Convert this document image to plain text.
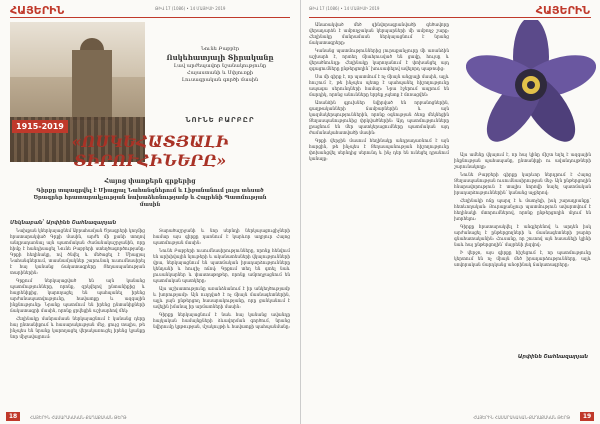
ՀԱՅԵՐԻՆ	ԹԻՎ 17 (1086) • 14 ՄԱՅԻՍԻ 2019
1915-2019
Նունե Բաբբէր
Ոսկեհատյալի Տիրականը
Լավ արժեպավոր նշանակությունը
Հայաստանի և Սփյուռքի
Լուսագրական գործի մասին
ՆՈՒՆԵ ԲԱՐԲԸՐ
«ՈՍԿԵՀԱՏՅԱԼԻ
ՏԻՐՈՒՀԻՆԵՐԸ»
Հայոց փառքերն գրքերից
Գիրքը տպագրվել է Միացյալ Նահանգներում և Լիբանանում լույս տեսած Ծրագրեր հրատարակչության նախաձեռնությամբ և Հայրենի Պատմության մասին
Մեկնաբան՝ Արփինե Շահնազարյան

Նախքան կներկայացնեմ Աբրահամյան Ծրագրերի կողմից հրատարակված Գրքի մասին, արժե մի քանի տողով անդրադառնալ այն պատմական ժամանակաշրջանին, որը հիմք է հանդիսացել Նունե Բաբբերի ստեղծագործությանը։ Գրքի հեղինակը, ով ծնվել և մեծացել է Միացյալ Նահանգներում, տասնամյակներ շարունակ ուսումնասիրել է հայ կանանց ճակատագրերը Ցեղասպանության տարիներին։

Գրքում ներկայացված են այն կանանց պատմությունները, որոնք, զրկվելով ընտանիքից և հայրենիքից, կարողացել են պահպանել իրենց արժանապատվությունը, հավատքը և ազգային ինքնությունը։ Նրանք պատմում են իրենց ընտանիքների ճակատագրի մասին, որոնք ցրվեցին աշխարհով մեկ։

Հեղինակը մանրամասն ներկայացնում է կանանց դերը հայ ընտանիքում և հասարակության մեջ, ցույց տալիս, թե ինչպես են նրանք կարողացել վերակառուցել իրենց կյանքը նոր միջավայրում։

Տարածաշրջանի և նոր սերնդի ներկայացուցիչների համար այս գիրքը դառնում է կարևոր աղբյուր Հայոց պատմության մասին։

Նունե Բաբբերի ուսումնասիրությունները, որոնք հենվում են արխիվային նյութերի և ականատեսների վկայությունների վրա, ներկայացնում են պատմական իրադարձությունները կենդանի և հուզիչ ոճով։ Գրքում տեղ են գտել նաև լուսանկարներ և փաստաթղթեր, որոնք ամբողջացնում են պատմական պատկերը։

Այս աշխատությունը առանձնանում է իր անկեղծությամբ և խորությամբ։ Այն ուղղված է ոչ միայն մասնագետներին, այլև լայն ընթերցող հասարակությանը, որը ցանկանում է ավելին իմանալ իր արմատների մասին։

Գիրքը ներկայացնում է նաև հայ կանանց ավանդը հայկական համայնքների ձևավորման գործում, նրանց նվիրումը կրթության, մշակույթի և հավատքի պահպանմանը։

18	ՀԱՅԵՐԻՆ ՀԱՍԱՐԱԿԱԿԱՆ-ՔԱՂԱՔԱԿԱՆ ԹԵՐԹ
ՀԱՅԵՐԻՆ
ԹԻՎ 17 (1086) • 14 ՄԱՅԻՍԻ 2019

Անառակված մեծ զինվորագրանվածի գեծավորը վերադարձն է ամբողջական կերպարների մի ամբողջ շարք։ Հեղինակը մանրամասն ներկայացնում է նրանց ճակատագրերը։

Կանանց պատմություններից յուրաքանչյուրը մի առանձին աշխարհ է, որտեղ միահյուսված են ցավը, հույսը և վերածնունդը։ Հեղինակը կարողանում է փոխանցել այդ զգացումները ընթերցողին՝ խուսափելով ավելորդ պաթոսից։

Սա մի գիրք է, որ պատմում է ոչ միայն անցյալի մասին, այլև հուշում է, թե ինչպես պետք է պահպանել հիշողությունը ապագա սերունդների համար։ Նրա էջերում ապրում են մարդիկ, որոնց անունները երբեք չպետք է մոռացվեն։

Առանձին գլուխներ նվիրված են որբանոցներին, գաղթականների ճամբարներին և այն կազմակերպություններին, որոնք օգնության ձեռք մեկնեցին Ցեղասպանությունից փրկվածներին։ Այդ պատմությունները լրացնում են մեր պատկերացումները պատմական այդ ժամանակահատվածի մասին։

Գրքի վերջին մասում հեղինակը անդրադառնում է այն հարցին, թե ինչպես է Ցեղասպանության հիշողությունը փոխանցվել սերնդից սերունդ և ինչ դեր են ունեցել դրանում կանայք։

Այս ամենը վկայում է, որ հայ կինը միշտ եղել է ազգային ինքնության պահապանը, ընտանիքի ու ավանդույթների շարունակողը։

Նունե Բաբբերի գիրքը կարևոր ներդրում է Հայոց Ցեղասպանության ուսումնասիրության մեջ։ Այն ընթերցողին հնարավորություն է տալիս նորովի նայել պատմական իրադարձություններին՝ կանանց աչքերով։

Հեղինակի ոճը պարզ է և մատչելի, իսկ շարադրանքը՝ հետևողական։ Յուրաքանչյուր պատմություն ավարտվում է հեղինակի մտորումներով, որոնք ընթերցողին մղում են խորհելու։

Գիրքը հրատարակվել է անգլերենով և արդեն իսկ արժանացել է ընթերցողների և մասնագետների բարձր գնահատականին։ Հուսանք, որ շուտով այն հասանելի կլինի նաև հայ ընթերցողին՝ մայրենի լեզվով։

Ի վերջո, այս գիրքը հիշեցում է, որ պատմությունը կերտում են ոչ միայն մեծ իրադարձությունները, այլև սովորական մարդկանց անօրինակ ճակատագրերը։

Արփինե Շահնազարյան
19
ՀԱՅԵՐԻՆ ՀԱՍԱՐԱԿԱԿԱՆ-ՔԱՂԱՔԱԿԱՆ ԹԵՐԹ
